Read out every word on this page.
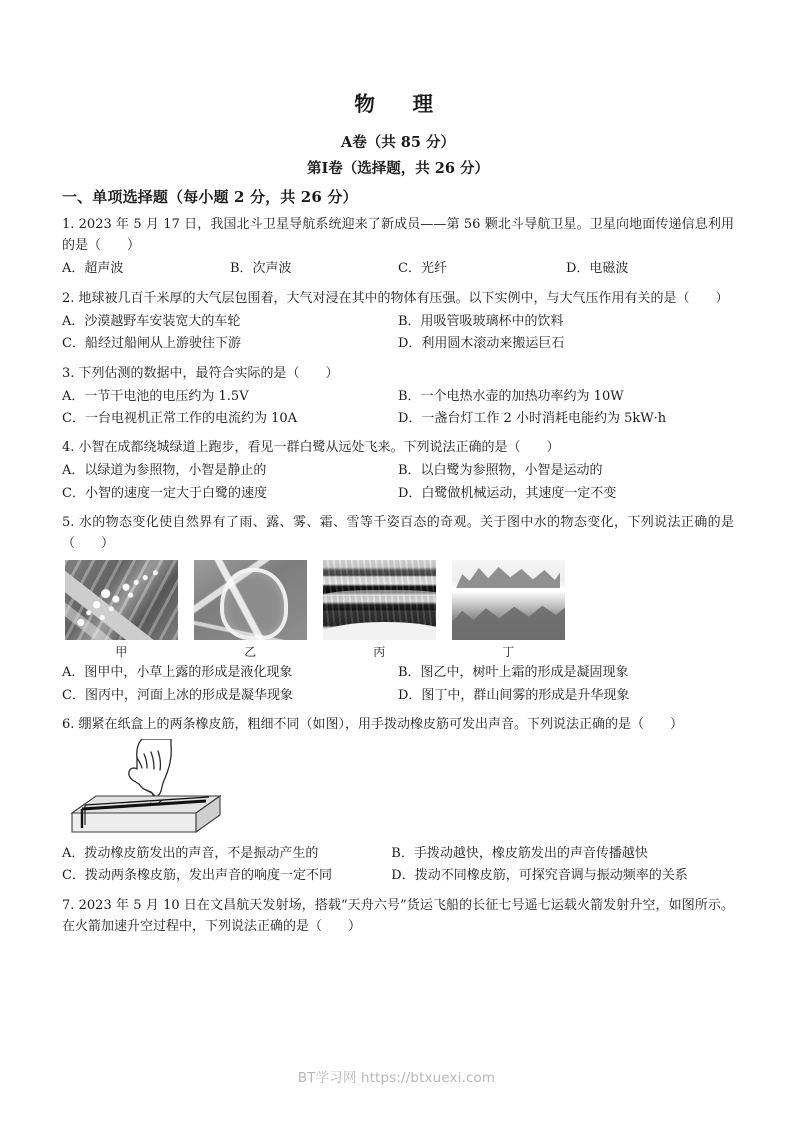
物　理
A卷（共 85 分）
第Ⅰ卷（选择题，共 26 分）
一、单项选择题（每小题 2 分，共 26 分）

1. 2023 年 5 月 17 日，我国北斗卫星导航系统迎来了新成员——第 56 颗北斗导航卫星。卫星向地面传递信息利用的是（　　）

A．超声波	B．次声波	C．光纤	D．电磁波

2. 地球被几百千米厚的大气层包围着，大气对浸在其中的物体有压强。以下实例中，与大气压作用有关的是（　　）

A．沙漠越野车安装宽大的车轮	B．用吸管吸玻璃杯中的饮料
C．船经过船闸从上游驶往下游	D．利用圆木滚动来搬运巨石

3. 下列估测的数据中，最符合实际的是（　　）

A．一节干电池的电压约为 1.5V	B．一个电热水壶的加热功率约为 10W
C．一台电视机正常工作的电流约为 10A	D．一盏台灯工作 2 小时消耗电能约为 5kW·h

4. 小智在成都绕城绿道上跑步，看见一群白鹭从远处飞来。下列说法正确的是（　　）

A．以绿道为参照物，小智是静止的	B．以白鹭为参照物，小智是运动的
C．小智的速度一定大于白鹭的速度	D．白鹭做机械运动，其速度一定不变

5. 水的物态变化使自然界有了雨、露、雾、霜、雪等千姿百态的奇观。关于图中水的物态变化，下列说法正确的是（　　）

甲	乙	丙	丁
A．图甲中，小草上露的形成是液化现象	B．图乙中，树叶上霜的形成是凝固现象
C．图丙中，河面上冰的形成是凝华现象	D．图丁中，群山间雾的形成是升华现象

6. 绷紧在纸盒上的两条橡皮筋，粗细不同（如图），用手拨动橡皮筋可发出声音。下列说法正确的是（　　）

A．拨动橡皮筋发出的声音，不是振动产生的	B．手拨动越快，橡皮筋发出的声音传播越快
C．拨动两条橡皮筋，发出声音的响度一定不同	D．拨动不同橡皮筋，可探究音调与振动频率的关系

7. 2023 年 5 月 10 日在文昌航天发射场，搭载“天舟六号”货运飞船的长征七号遥七运载火箭发射升空，如图所示。在火箭加速升空过程中，下列说法正确的是（　　）

BT学习网 https://btxuexi.com
